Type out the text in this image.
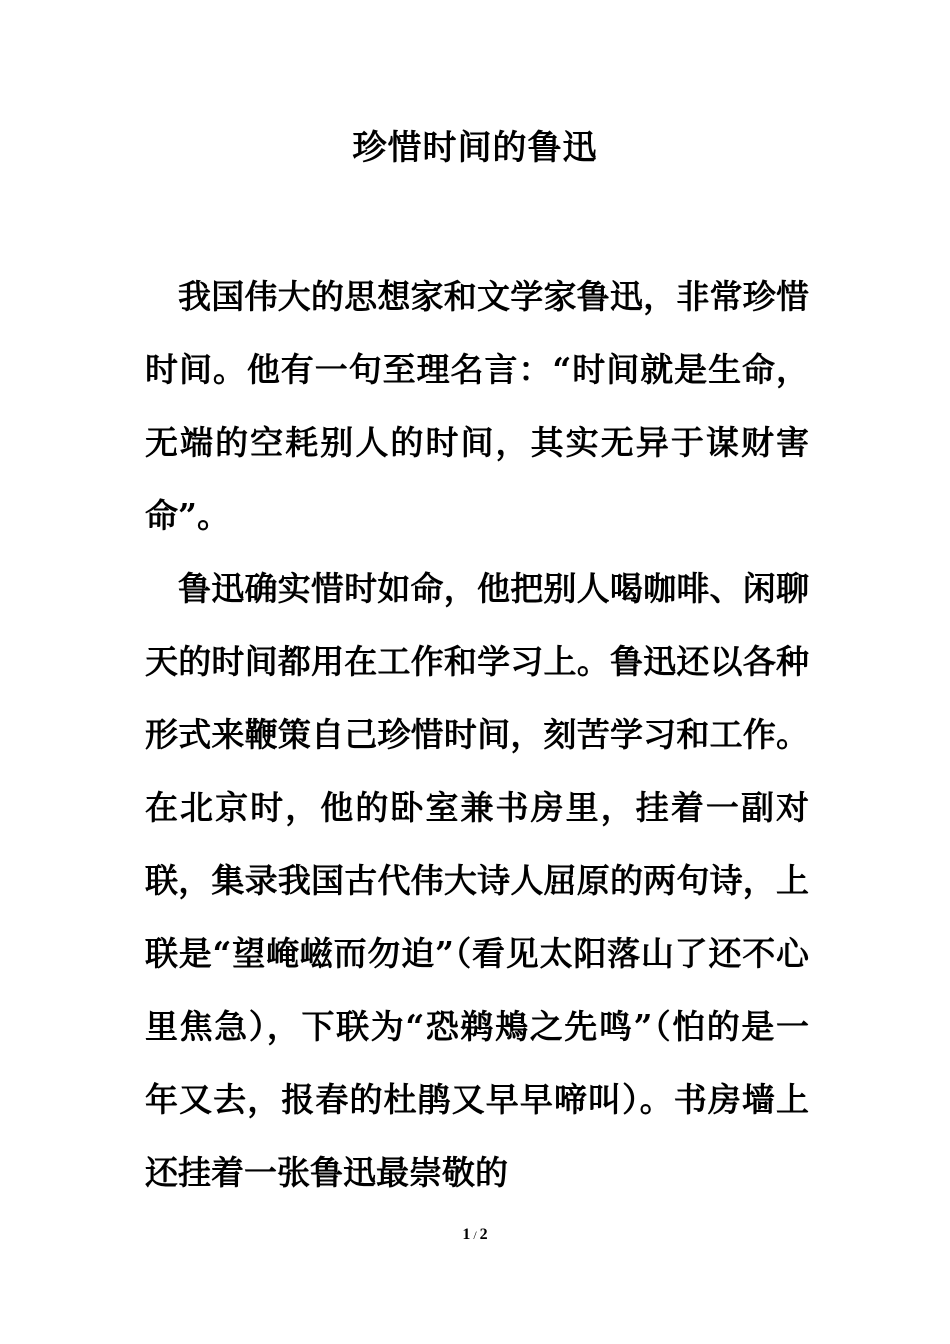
珍惜时间的鲁迅

我国伟大的思想家和文学家鲁迅，非常珍惜时间。他有一句至理名言：“时间就是生命，无端的空耗别人的时间，其实无异于谋财害命”。

鲁迅确实惜时如命，他把别人喝咖啡、闲聊天的时间都用在工作和学习上。鲁迅还以各种形式来鞭策自己珍惜时间，刻苦学习和工作。在北京时，他的卧室兼书房里，挂着一副对联，集录我国古代伟大诗人屈原的两句诗，上联是“望崦嵫而勿迫”（看见太阳落山了还不心里焦急），下联为“恐鹈鴂之先鸣”（怕的是一年又去，报春的杜鹃又早早啼叫）。书房墙上还挂着一张鲁迅最崇敬的

1 / 2
